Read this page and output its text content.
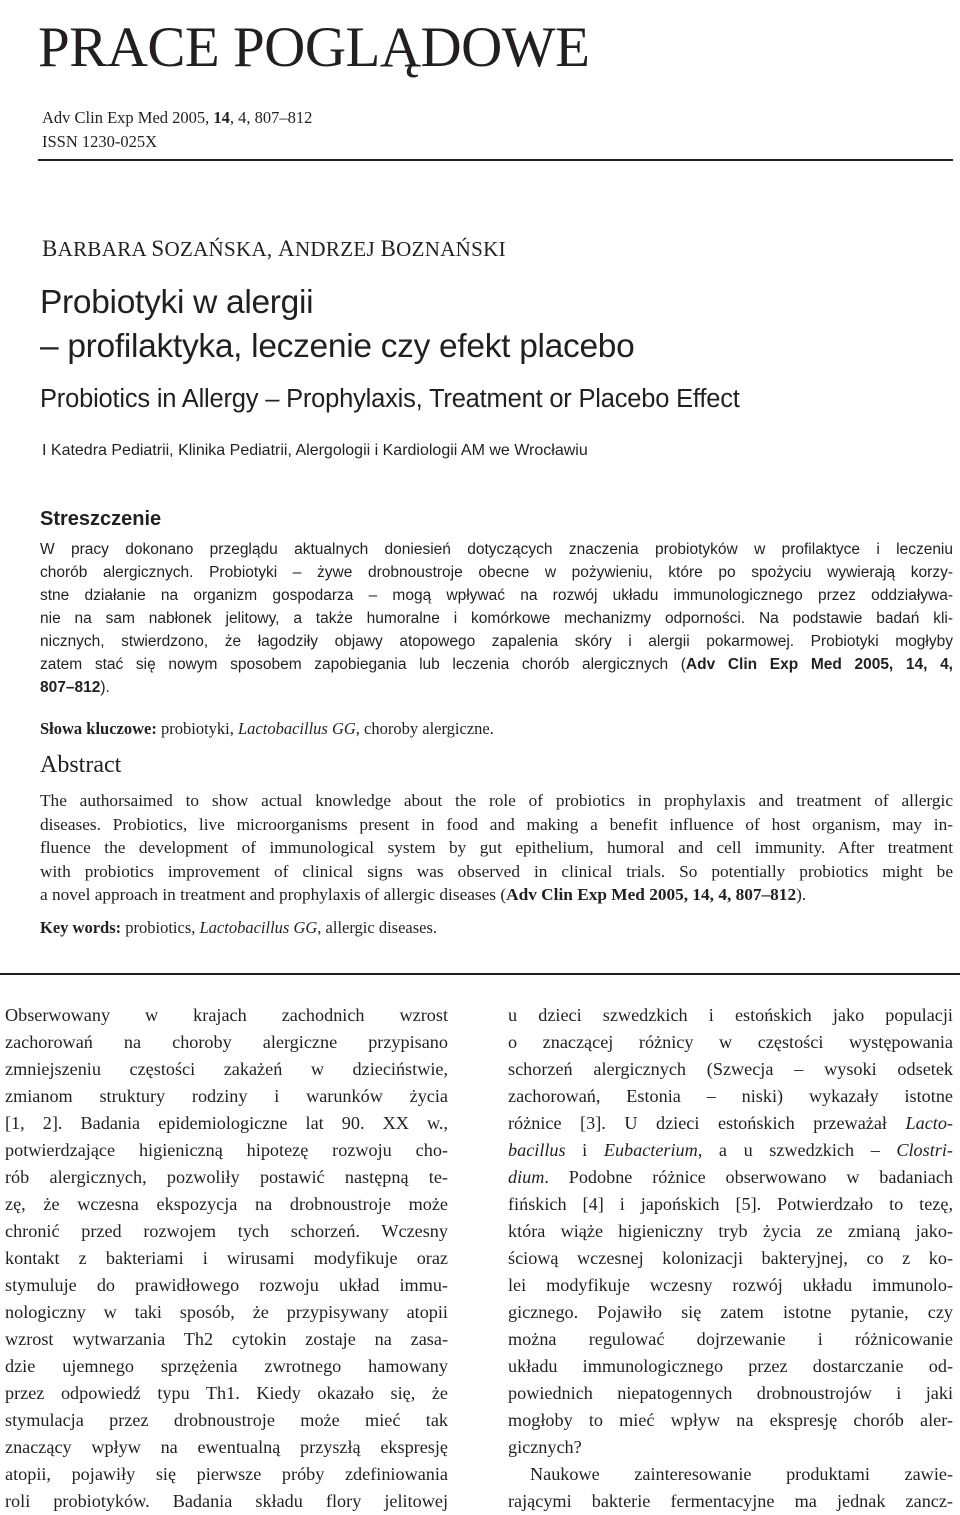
PRACE POGLĄDOWE
Adv Clin Exp Med 2005, 14, 4, 807–812
ISSN 1230-025X
BARBARA SOZAŃSKA, ANDRZEJ BOZNAŃSKI
Probiotyki w alergii
– profilaktyka, leczenie czy efekt placebo
Probiotics in Allergy – Prophylaxis, Treatment or Placebo Effect
I Katedra Pediatrii, Klinika Pediatrii, Alergologii i Kardiologii AM we Wrocławiu
Streszczenie

W pracy dokonano przeglądu aktualnych doniesień dotyczących znaczenia probiotyków w profilaktyce i leczeniu

chorób alergicznych. Probiotyki – żywe drobnoustroje obecne w pożywieniu, które po spożyciu wywierają korzy-

stne działanie na organizm gospodarza – mogą wpływać na rozwój układu immunologicznego przez oddziaływa-

nie na sam nabłonek jelitowy, a także humoralne i komórkowe mechanizmy odporności. Na podstawie badań kli-

nicznych, stwierdzono, że łagodziły objawy atopowego zapalenia skóry i alergii pokarmowej. Probiotyki mogłyby

zatem stać się nowym sposobem zapobiegania lub leczenia chorób alergicznych (Adv Clin Exp Med 2005, 14, 4,

807–812).

Słowa kluczowe: probiotyki, Lactobacillus GG, choroby alergiczne.
Abstract

The authorsaimed to show actual knowledge about the role of probiotics in prophylaxis and treatment of allergic

diseases. Probiotics, live microorganisms present in food and making a benefit influence of host organism, may in-

fluence the development of immunological system by gut epithelium, humoral and cell immunity. After treatment

with probiotics improvement of clinical signs was observed in clinical trials. So potentially probiotics might be

a novel approach in treatment and prophylaxis of allergic diseases (Adv Clin Exp Med 2005, 14, 4, 807–812).

Key words: probiotics, Lactobacillus GG, allergic diseases.

Obserwowany w krajach zachodnich wzrost

zachorowań na choroby alergiczne przypisano

zmniejszeniu częstości zakażeń w dzieciństwie,

zmianom struktury rodziny i warunków życia

[1, 2]. Badania epidemiologiczne lat 90. XX w.,

potwierdzające higieniczną hipotezę rozwoju cho-

rób alergicznych, pozwoliły postawić następną te-

zę, że wczesna ekspozycja na drobnoustroje może

chronić przed rozwojem tych schorzeń. Wczesny

kontakt z bakteriami i wirusami modyfikuje oraz

stymuluje do prawidłowego rozwoju układ immu-

nologiczny w taki sposób, że przypisywany atopii

wzrost wytwarzania Th2 cytokin zostaje na zasa-

dzie ujemnego sprzężenia zwrotnego hamowany

przez odpowiedź typu Th1. Kiedy okazało się, że

stymulacja przez drobnoustroje może mieć tak

znaczący wpływ na ewentualną przyszłą ekspresję

atopii, pojawiły się pierwsze próby zdefiniowania

roli probiotyków. Badania składu flory jelitowej

u dzieci szwedzkich i estońskich jako populacji

o znaczącej różnicy w częstości występowania

schorzeń alergicznych (Szwecja – wysoki odsetek

zachorowań, Estonia – niski) wykazały istotne

różnice [3]. U dzieci estońskich przeważał Lacto-

bacillus i Eubacterium, a u szwedzkich – Clostri-

dium. Podobne różnice obserwowano w badaniach

fińskich [4] i japońskich [5]. Potwierdzało to tezę,

która wiąże higieniczny tryb życia ze zmianą jako-

ściową wczesnej kolonizacji bakteryjnej, co z ko-

lei modyfikuje wczesny rozwój układu immunolo-

gicznego. Pojawiło się zatem istotne pytanie, czy

można regulować dojrzewanie i różnicowanie

układu immunologicznego przez dostarczanie od-

powiednich niepatogennych drobnoustrojów i jaki

mogłoby to mieć wpływ na ekspresję chorób aler-

gicznych?

Naukowe zainteresowanie produktami zawie-

rającymi bakterie fermentacyjne ma jednak zancz-
